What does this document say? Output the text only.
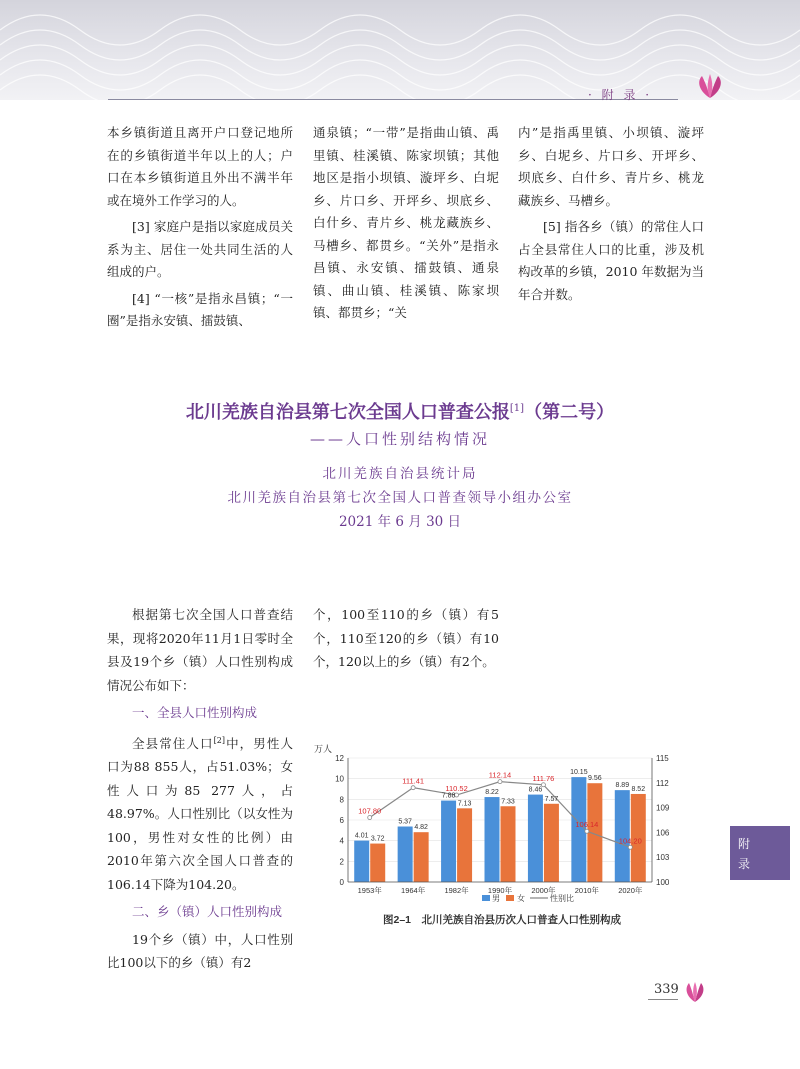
· 附 录 ·

本乡镇街道且离开户口登记地所在的乡镇街道半年以上的人；户口在本乡镇街道且外出不满半年或在境外工作学习的人。

[3] 家庭户是指以家庭成员关系为主、居住一处共同生活的人组成的户。

[4] “一核”是指永昌镇；“一圈”是指永安镇、擂鼓镇、

通泉镇；“一带”是指曲山镇、禹里镇、桂溪镇、陈家坝镇；其他地区是指小坝镇、漩坪乡、白坭乡、片口乡、开坪乡、坝底乡、白什乡、青片乡、桃龙藏族乡、马槽乡、都贯乡。“关外”是指永昌镇、永安镇、擂鼓镇、通泉镇、曲山镇、桂溪镇、陈家坝镇、都贯乡；“关

内”是指禹里镇、小坝镇、漩坪乡、白坭乡、片口乡、开坪乡、坝底乡、白什乡、青片乡、桃龙藏族乡、马槽乡。

[5] 指各乡（镇）的常住人口占全县常住人口的比重，涉及机构改革的乡镇，2010 年数据为当年合并数。

北川羌族自治县第七次全国人口普查公报[1]（第二号）
——人口性别结构情况
北川羌族自治县统计局
北川羌族自治县第七次全国人口普查领导小组办公室
2021 年 6 月 30 日

根据第七次全国人口普查结果，现将2020年11月1日零时全县及19个乡（镇）人口性别构成情况公布如下：

一、全县人口性别构成

全县常住人口[2]中，男性人口为88 855人，占51.03%；女性人口为85 277人，占48.97%。人口性别比（以女性为100，男性对女性的比例）由2010年第六次全国人口普查的106.14下降为104.20。

二、乡（镇）人口性别构成

19个乡（镇）中，人口性别比100以下的乡（镇）有2

个，100至110的乡（镇）有5个，110至120的乡（镇）有10个，120以上的乡（镇）有2个。

万人
4.01 3.72
5.37
4.82
7.88
7.13
8.22
7.33
8.46
7.57
10.15
9.56
8.89
8.52
107.80
111.41
110.52
112.14	111.76
106.14
104.20
0
2
4
6
8
10
12
100
103
106
109
112
115
1953年	1964年	1982年	1990年	2000年	2010年	2020年
男 女	性别比
图2–1　北川羌族自治县历次人口普查人口性别构成
附
录
339
